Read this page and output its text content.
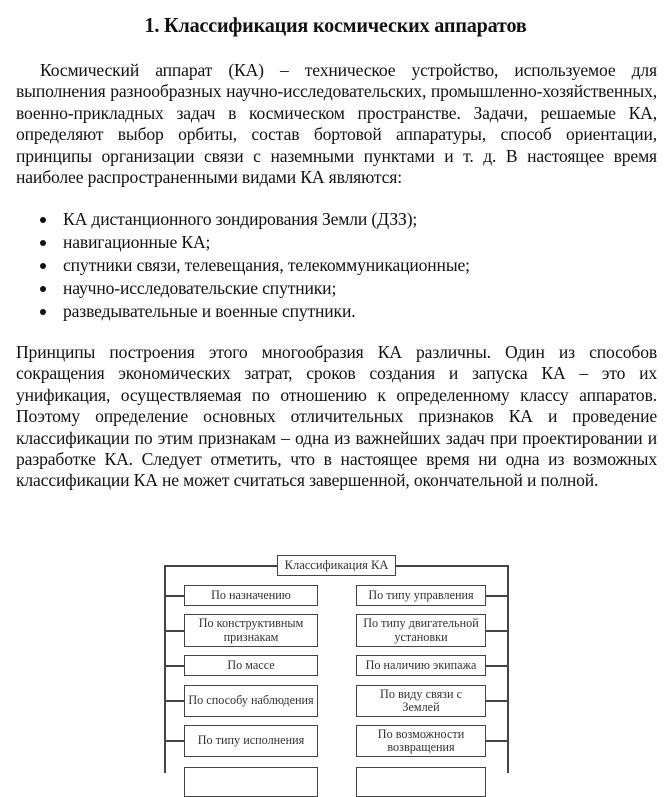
1. Классификация космических аппаратов
Космический аппарат (КА) – техническое устройство, используемое для выполнения разнообразных научно-исследовательских, промышленно-хозяйственных, военно-прикладных задач в космическом пространстве. Задачи, решаемые КА, определяют выбор орбиты, состав бортовой аппаратуры, способ ориентации, принципы организации связи с наземными пунктами и т. д. В настоящее время наиболее распространенными видами КА являются:
КА дистанционного зондирования Земли (ДЗЗ);
навигационные КА;
спутники связи, телевещания, телекоммуникационные;
научно-исследовательские спутники;
разведывательные и военные спутники.
Принципы построения этого многообразия КА различны. Один из способов сокращения экономических затрат, сроков создания и запуска КА – это их унификация, осуществляемая по отношению к определенному классу аппаратов. Поэтому определение основных отличительных признаков КА и проведение классификации по этим признакам – одна из важнейших задач при проектировании и разработке КА. Следует отметить, что в настоящее время ни одна из возможных классификации КА не может считаться завершенной, окончательной и полной.
Классификация КА
По назначению
По конструктивным признакам
По массе
По способу наблюдения
По типу исполнения
По типу управления
По типу двигательной установки
По наличию экипажа
По виду связи с Землей
По возможности возвращения
